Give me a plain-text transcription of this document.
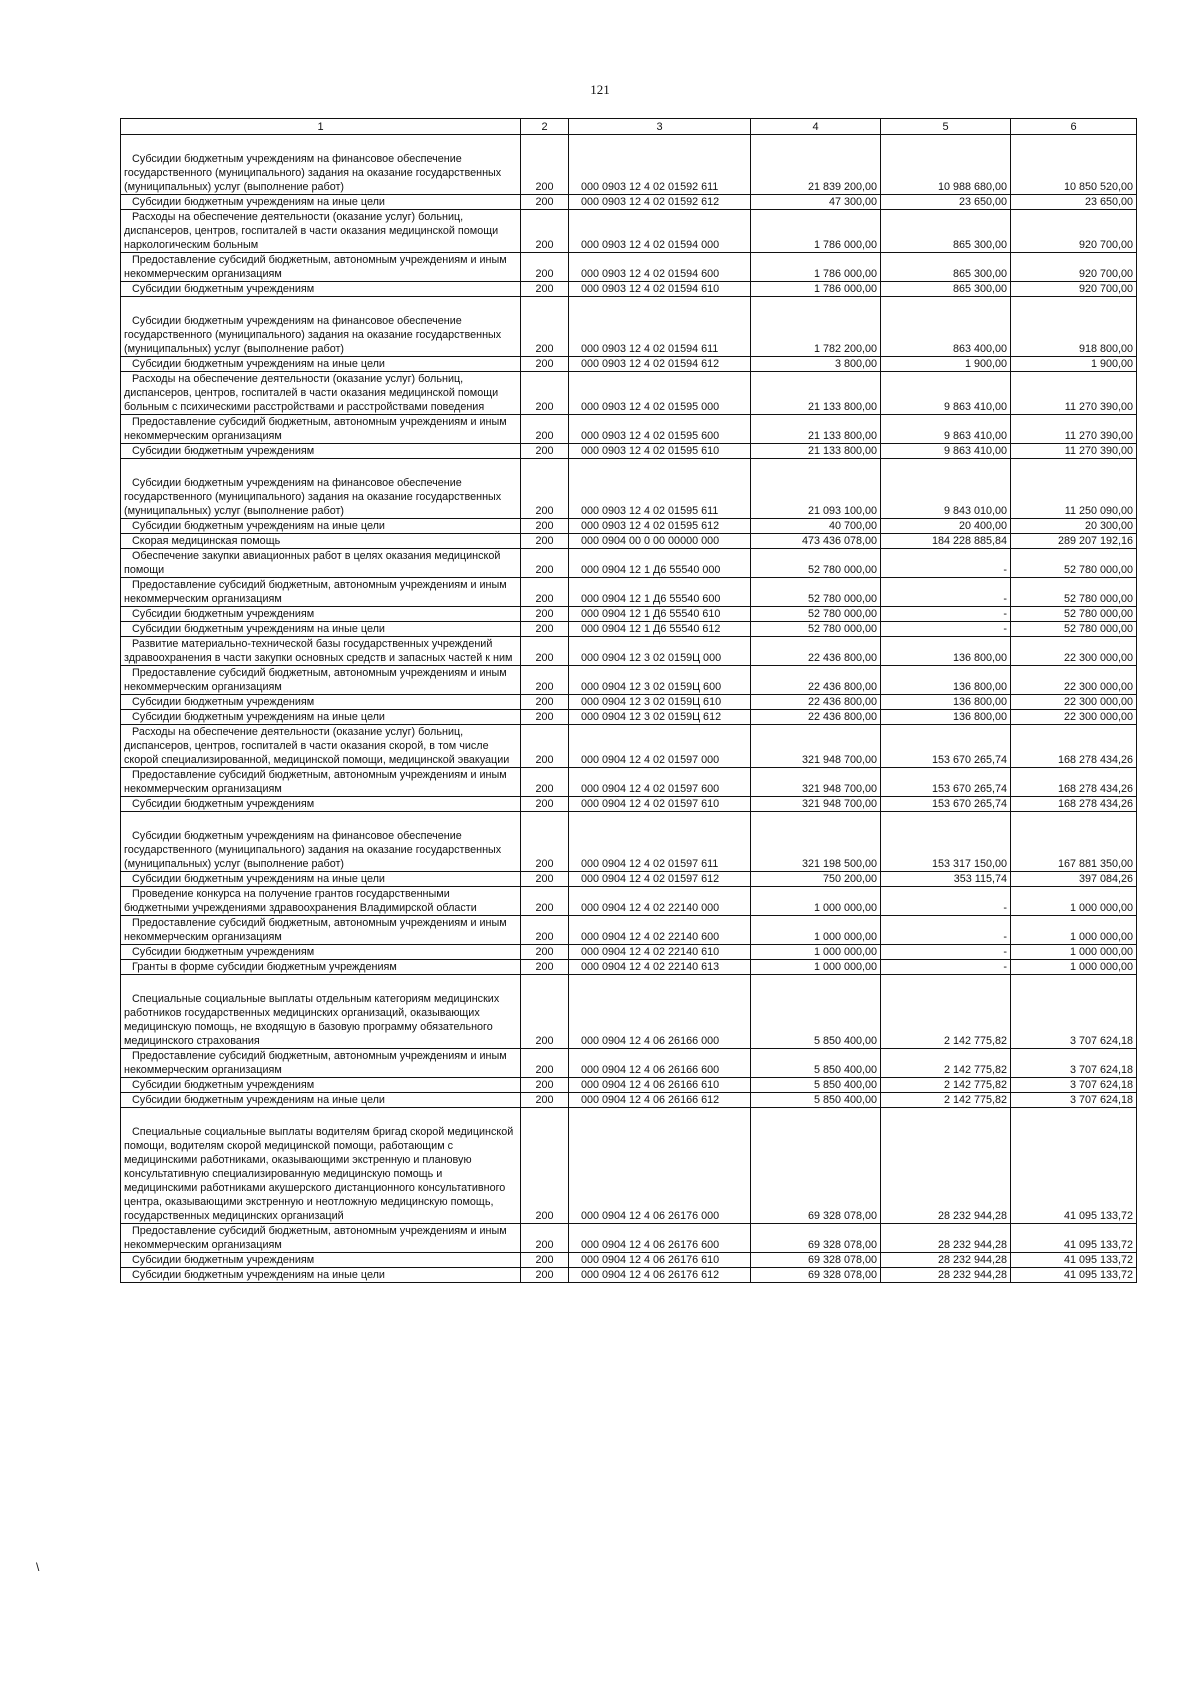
121
1	2	3	4	5	6

Субсидии бюджетным учреждениям на финансовое обеспечение государственного (муниципального) задания на оказание государственных (муниципальных) услуг (выполнение работ)	200	000 0903 12 4 02 01592 611	21 839 200,00	10 988 680,00	10 850 520,00
Субсидии бюджетным учреждениям на иные цели	200	000 0903 12 4 02 01592 612	47 300,00	23 650,00	23 650,00
Расходы на обеспечение деятельности (оказание услуг) больниц, диспансеров, центров, госпиталей в части оказания медицинской помощи наркологическим больным	200	000 0903 12 4 02 01594 000	1 786 000,00	865 300,00	920 700,00
Предоставление субсидий бюджетным, автономным учреждениям и иным некоммерческим организациям	200	000 0903 12 4 02 01594 600	1 786 000,00	865 300,00	920 700,00
Субсидии бюджетным учреждениям	200	000 0903 12 4 02 01594 610	1 786 000,00	865 300,00	920 700,00

Субсидии бюджетным учреждениям на финансовое обеспечение государственного (муниципального) задания на оказание государственных (муниципальных) услуг (выполнение работ)	200	000 0903 12 4 02 01594 611	1 782 200,00	863 400,00	918 800,00
Субсидии бюджетным учреждениям на иные цели	200	000 0903 12 4 02 01594 612	3 800,00	1 900,00	1 900,00
Расходы на обеспечение деятельности (оказание услуг) больниц, диспансеров, центров, госпиталей в части оказания медицинской помощи больным с психическими расстройствами и расстройствами поведения	200	000 0903 12 4 02 01595 000	21 133 800,00	9 863 410,00	11 270 390,00
Предоставление субсидий бюджетным, автономным учреждениям и иным некоммерческим организациям	200	000 0903 12 4 02 01595 600	21 133 800,00	9 863 410,00	11 270 390,00
Субсидии бюджетным учреждениям	200	000 0903 12 4 02 01595 610	21 133 800,00	9 863 410,00	11 270 390,00

Субсидии бюджетным учреждениям на финансовое обеспечение государственного (муниципального) задания на оказание государственных (муниципальных) услуг (выполнение работ)	200	000 0903 12 4 02 01595 611	21 093 100,00	9 843 010,00	11 250 090,00
Субсидии бюджетным учреждениям на иные цели	200	000 0903 12 4 02 01595 612	40 700,00	20 400,00	20 300,00
Скорая медицинская помощь	200	000 0904 00 0 00 00000 000	473 436 078,00	184 228 885,84	289 207 192,16
Обеспечение закупки авиационных работ в целях оказания медицинской помощи	200	000 0904 12 1 Д6 55540 000	52 780 000,00	-	52 780 000,00
Предоставление субсидий бюджетным, автономным учреждениям и иным некоммерческим организациям	200	000 0904 12 1 Д6 55540 600	52 780 000,00	-	52 780 000,00
Субсидии бюджетным учреждениям	200	000 0904 12 1 Д6 55540 610	52 780 000,00	-	52 780 000,00
Субсидии бюджетным учреждениям на иные цели	200	000 0904 12 1 Д6 55540 612	52 780 000,00	-	52 780 000,00
Развитие материально-технической базы государственных учреждений здравоохранения в части закупки основных средств и запасных частей к ним	200	000 0904 12 3 02 0159Ц 000	22 436 800,00	136 800,00	22 300 000,00
Предоставление субсидий бюджетным, автономным учреждениям и иным некоммерческим организациям	200	000 0904 12 3 02 0159Ц 600	22 436 800,00	136 800,00	22 300 000,00
Субсидии бюджетным учреждениям	200	000 0904 12 3 02 0159Ц 610	22 436 800,00	136 800,00	22 300 000,00
Субсидии бюджетным учреждениям на иные цели	200	000 0904 12 3 02 0159Ц 612	22 436 800,00	136 800,00	22 300 000,00
Расходы на обеспечение деятельности (оказание услуг) больниц, диспансеров, центров, госпиталей в части оказания скорой, в том числе скорой специализированной, медицинской помощи, медицинской эвакуации	200	000 0904 12 4 02 01597 000	321 948 700,00	153 670 265,74	168 278 434,26
Предоставление субсидий бюджетным, автономным учреждениям и иным некоммерческим организациям	200	000 0904 12 4 02 01597 600	321 948 700,00	153 670 265,74	168 278 434,26
Субсидии бюджетным учреждениям	200	000 0904 12 4 02 01597 610	321 948 700,00	153 670 265,74	168 278 434,26

Субсидии бюджетным учреждениям на финансовое обеспечение государственного (муниципального) задания на оказание государственных (муниципальных) услуг (выполнение работ)	200	000 0904 12 4 02 01597 611	321 198 500,00	153 317 150,00	167 881 350,00
Субсидии бюджетным учреждениям на иные цели	200	000 0904 12 4 02 01597 612	750 200,00	353 115,74	397 084,26
Проведение конкурса на получение грантов государственными бюджетными учреждениями здравоохранения Владимирской области	200	000 0904 12 4 02 22140 000	1 000 000,00	-	1 000 000,00
Предоставление субсидий бюджетным, автономным учреждениям и иным некоммерческим организациям	200	000 0904 12 4 02 22140 600	1 000 000,00	-	1 000 000,00
Субсидии бюджетным учреждениям	200	000 0904 12 4 02 22140 610	1 000 000,00	-	1 000 000,00
Гранты в форме субсидии бюджетным учреждениям	200	000 0904 12 4 02 22140 613	1 000 000,00	-	1 000 000,00

Специальные социальные выплаты отдельным категориям медицинских работников государственных медицинских организаций, оказывающих медицинскую помощь, не входящую в базовую программу обязательного медицинского страхования	200	000 0904 12 4 06 26166 000	5 850 400,00	2 142 775,82	3 707 624,18
Предоставление субсидий бюджетным, автономным учреждениям и иным некоммерческим организациям	200	000 0904 12 4 06 26166 600	5 850 400,00	2 142 775,82	3 707 624,18
Субсидии бюджетным учреждениям	200	000 0904 12 4 06 26166 610	5 850 400,00	2 142 775,82	3 707 624,18
Субсидии бюджетным учреждениям на иные цели	200	000 0904 12 4 06 26166 612	5 850 400,00	2 142 775,82	3 707 624,18

Специальные социальные выплаты водителям бригад скорой медицинской помощи, водителям скорой медицинской помощи, работающим с медицинскими работниками, оказывающими экстренную и плановую консультативную специализированную медицинскую помощь и медицинскими работниками акушерского дистанционного консультативного центра, оказывающими экстренную и неотложную медицинскую помощь, государственных медицинских организаций	200	000 0904 12 4 06 26176 000	69 328 078,00	28 232 944,28	41 095 133,72
Предоставление субсидий бюджетным, автономным учреждениям и иным некоммерческим организациям	200	000 0904 12 4 06 26176 600	69 328 078,00	28 232 944,28	41 095 133,72
Субсидии бюджетным учреждениям	200	000 0904 12 4 06 26176 610	69 328 078,00	28 232 944,28	41 095 133,72
Субсидии бюджетным учреждениям на иные цели	200	000 0904 12 4 06 26176 612	69 328 078,00	28 232 944,28	41 095 133,72
\
